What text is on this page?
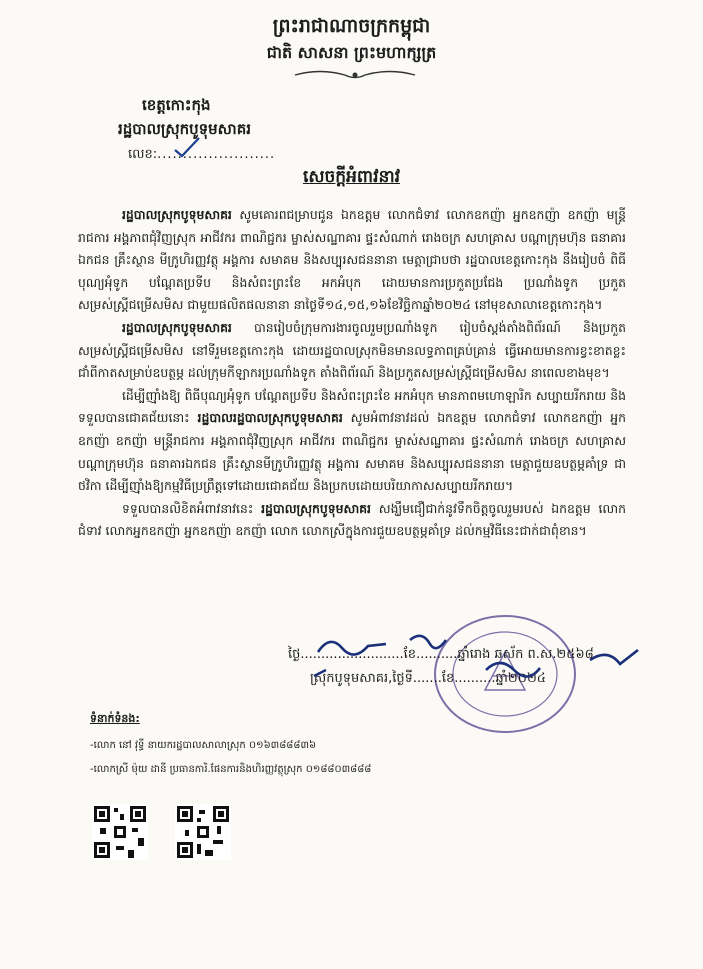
ព្រះរាជាណាចក្រកម្ពុជា
ជាតិ សាសនា ព្រះមហាក្សត្រ
ខេត្តកោះកុង
រដ្ឋបាលស្រុកបូទុមសាគរ
លេខ:.......................
សេចក្តីអំពាវនាវ

រដ្ឋបាលស្រុកបូទុមសាគរ សូមគោរពជម្រាបជូន ឯកឧត្តម លោកជំទាវ លោកឧកញ៉ា អ្នកឧកញ៉ា ឧកញ៉ា មន្ត្រីរាជការ អង្គភាពជុំវិញស្រុក អាជីវករ ពាណិជ្ជករ ម្ចាស់សណ្ឋាគារ ផ្ទះសំណាក់ រោងចក្រ សហគ្រាស បណ្តាក្រុមហ៊ុន ធនាគារឯកជន គ្រឹះស្ថាន មីក្រូហិរញ្ញវត្ថុ អង្គការ សមាគម និងសប្បុរសជននានា មេត្តាជ្រាបថា រដ្ឋបាលខេត្តកោះកុង នឹងរៀបចំ ពិធីបុណ្យអុំទូក បណ្តែតប្រទីប និងសំពះព្រះខែ អកអំបុក ដោយមានការប្រកួតប្រជែង ប្រណាំងទូក ប្រកួតសម្រស់ស្រ្តីជម្រើសមិស ជាមួយផលិតផលនានា នាថ្ងៃទី១៤,១៥,១៦ខែវិច្ឆិកាឆ្នាំ២០២៤ នៅមុខសាលាខេត្តកោះកុង។

រដ្ឋបាលស្រុកបូទុមសាគរ បានរៀបចំក្រុមការងារចូលរួមប្រណាំងទូក រៀបចំស្តង់តាំងពិព័រណ៍ និងប្រកួតសម្រស់ស្រ្តីជម្រើសមិស នៅទីរួមខេត្តកោះកុង ដោយរដ្ឋបាលស្រុកមិនមានលទ្ធភាពគ្រប់គ្រាន់ ធ្វើអោយមានការខ្វះខាតខ្លះជាំពីកាតសម្រាប់ឧបត្ថម្ភ ដល់ក្រុមកីឡាករប្រណាំងទូក តាំងពិព័រណ៍ និងប្រកួតសម្រស់ស្រ្តីជម្រើសមិស នាពេលខាងមុខ។

ដើម្បីញ៉ាំងឱ្យ ពិធីបុណ្យអុំទូក បណ្តែតប្រទីប និងសំពះព្រះខែ អកអំបុក មានភាពមហោឡារិក សប្បាយរីករាយ និងទទួលបានជោគជ័យនោះ រដ្ឋបាលរដ្ឋបាលស្រុកបូទុមសាគរ សូមអំពាវនាវដល់ ឯកឧត្តម លោកជំទាវ លោកឧកញ៉ា អ្នកឧកញ៉ា ឧកញ៉ា មន្ត្រីរាជការ អង្គភាពជុំវិញស្រុក អាជីវករ ពាណិជ្ជករ ម្ចាស់សណ្ឋាគារ ផ្ទះសំណាក់ រោងចក្រ សហគ្រាស បណ្តាក្រុមហ៊ុន ធនាគារឯកជន គ្រឹះស្ថានមីក្រូហិរញ្ញវត្ថុ អង្គការ សមាគម និងសប្បុរសជននានា មេត្តាជួយឧបត្ថម្ភគាំទ្រ ជាថវិកា ដើម្បីញ៉ាំងឱ្យកម្មវិធីប្រព្រឹត្តទៅដោយជោគជ័យ និងប្រកបដោយបរិយាកាសសប្បាយរីករាយ។

ទទួលបានលិខិតអំពាវនាវនេះ រដ្ឋបាលស្រុកបូទុមសាគរ សង្ឃឹមជឿជាក់នូវទឹកចិត្តចូលរួមរបស់ ឯកឧត្តម លោកជំទាវ លោកអ្នកឧកញ៉ា អ្នកឧកញ៉ា ឧកញ៉ា លោក លោកស្រីក្នុងការជួយឧបត្ថម្ភគាំទ្រ ដល់កម្មវិធីនេះជាក់ជាពុំខាន។

ថ្ងៃ.........................ខែ..........ឆ្នាំរោង ឆស័ក ព.ស.២៥៦៨
ស្រុកបូទុមសាគរ,ថ្ងៃទី.......ខែ..........ឆ្នាំ២០២៤
ទំនាក់ទំនង:
-លោក នៅ វុទ្ធី នាយករដ្ឋបាលសាលាស្រុក ០១៦៣៨៨៨៣៦
-លោកស្រី ម៉ុយ ដានី ប្រធានការិ.ផែនការនិងហិរញ្ញវត្ថុស្រុក ០១៨៨០៣៨៨៨
